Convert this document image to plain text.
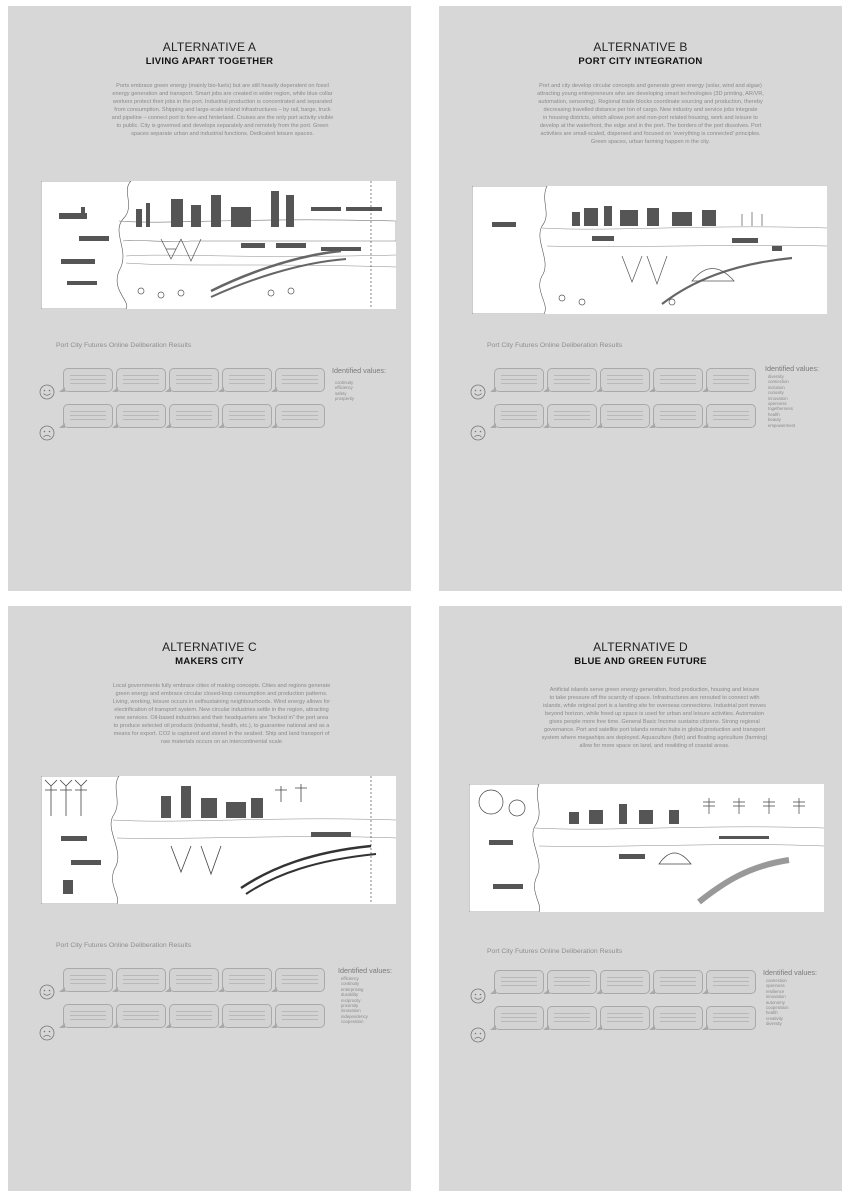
ALTERNATIVE A
LIVING APART TOGETHER
Ports embrace green energy (mainly bio-fuels) but are still heavily dependent on fossil
energy generation and transport. Smart jobs are created in wider region, while blue collar
workers protect their jobs in the port. Industrial production is concentrated and separated
from consumption. Shipping and large-scale inland infrastructures – by rail, barge, truck
and pipeline – connect port to fore-and hinterland. Cruises are the only port activity visible
to public. City is governed and develops separately and remotely from the port. Green
spaces separate urban and industrial functions. Dedicated leisure spaces.
Port City Futures Online Deliberation Results
Identified values:
continuity
efficiency
safety
prosperity
ALTERNATIVE B
PORT CITY INTEGRATION
Port and city develop circular concepts and generate green energy (solar, wind and algae)
attracting young entrepreneurs who are developing smart technologies (3D printing, AR/VR,
automation, sensoring). Regional trade blocks coordinate sourcing and production, thereby
decreasing travelled distance per ton of cargo. New industry and service jobs integrate
in housing districts, which allows port and non-port related housing, work and leisure to
develop at the waterfront, the edge and in the port. The borders of the port dissolves. Port
activities are small-scaled, dispersed and focused on 'everything is connected' principles.
Green spaces, urban farming happen in the city.
Port City Futures Online Deliberation Results
Identified values:
diversity
connection
inclusion
curiosity
innovation
openness
togetherness
health
beauty
empowerment
ALTERNATIVE C
MAKERS CITY
Local governments fully embrace cities of making concepts. Cities and regions generate
green energy and embrace circular closed-loop consumption and production patterns.
Living, working, leisure occurs in selfsustaining neighbourhoods. Wind energy allows for
electrification of transport system. New circular industries settle in the region, attracting
new services. Oil-based industries and their headquarters are "locked in" the port area
to produce selected oil products (industrial, health, etc.), to guarantee national and as a
means for export. CO2 is captured and stored in the seabed. Ship and land transport of
raw materials occurs on an intercontinental scale
Port City Futures Online Deliberation Results
Identified values:
efficiency
continuity
enterprising
durability
reciprocity
proximity
innovation
independency
cooperation
ALTERNATIVE D
BLUE AND GREEN FUTURE
Artificial islands serve green energy generation, food production, housing and leisure
to take pressure off the scarcity of space. Infrastructures are rerouted to connect with
islands, while original port is a landing site for overseas connections. Industrial port moves
beyond horizon, while freed up space is used for urban and leisure activities. Automation
gives people more free time. General Basic Income sustains citizens. Strong regional
governance. Port and satellite port islands remain hubs in global production and transport
system where megaships are deployed. Aquaculture (fish) and floating agriculture (farming)
allow for more space on land, and rewilding of coastal areas.
Port City Futures Online Deliberation Results
Identified values:
connection
openness
resilience
innovation
autonomy
cooperation
health
creativity
diversity
